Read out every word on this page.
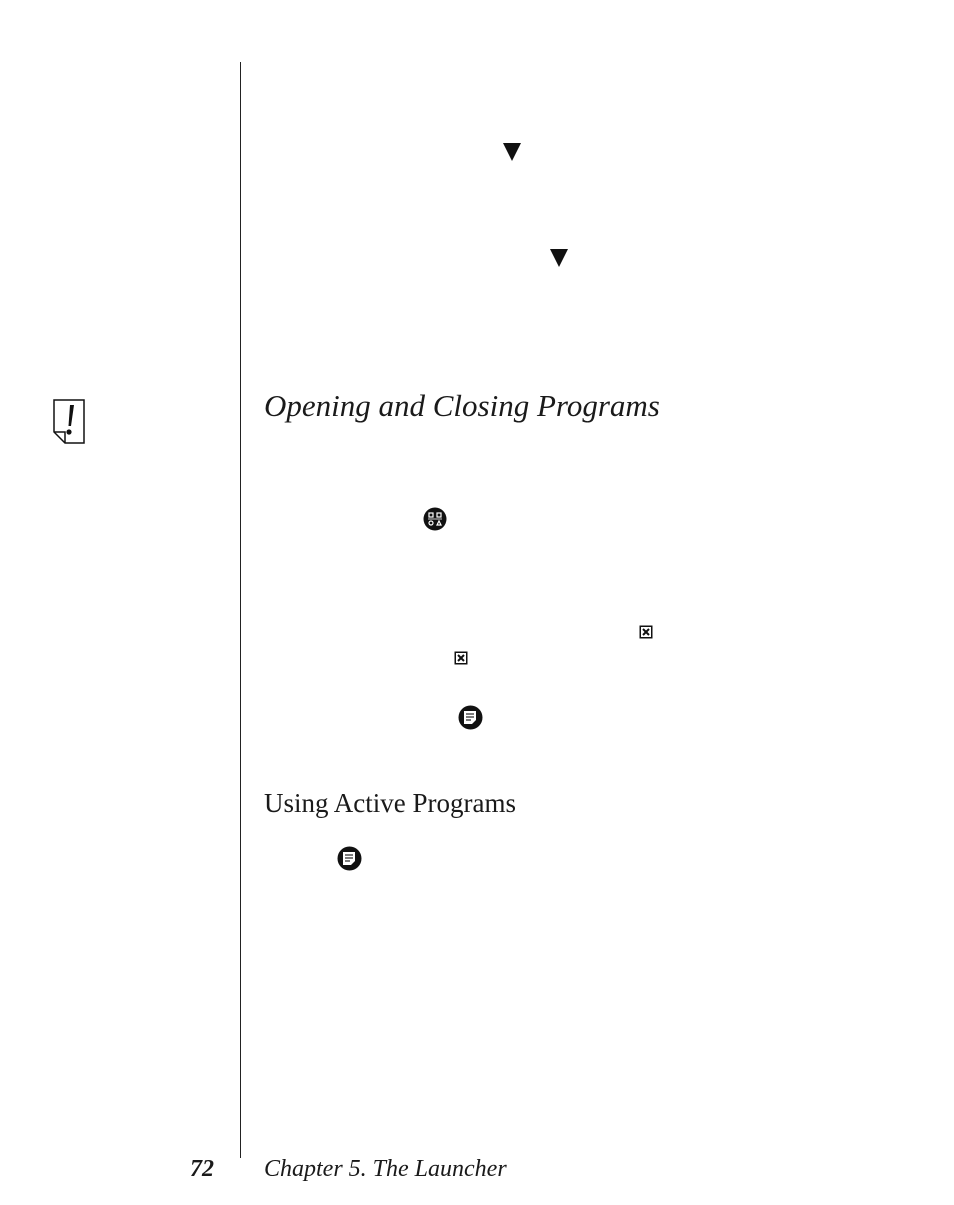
Opening and Closing Programs
Using Active Programs
72 Chapter 5. The Launcher
